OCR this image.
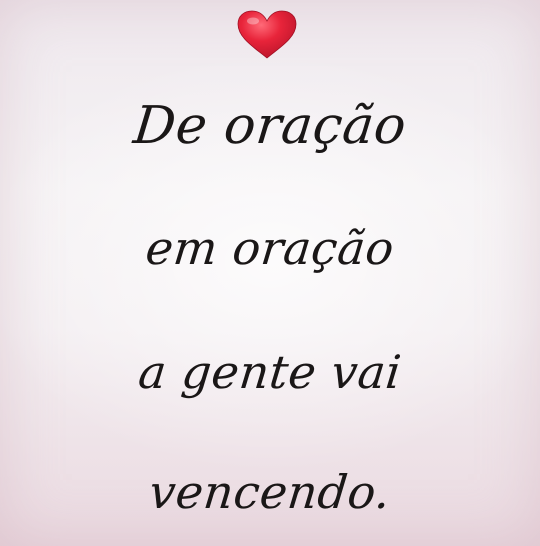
De oração
em oração
a gente vai
vencendo.
